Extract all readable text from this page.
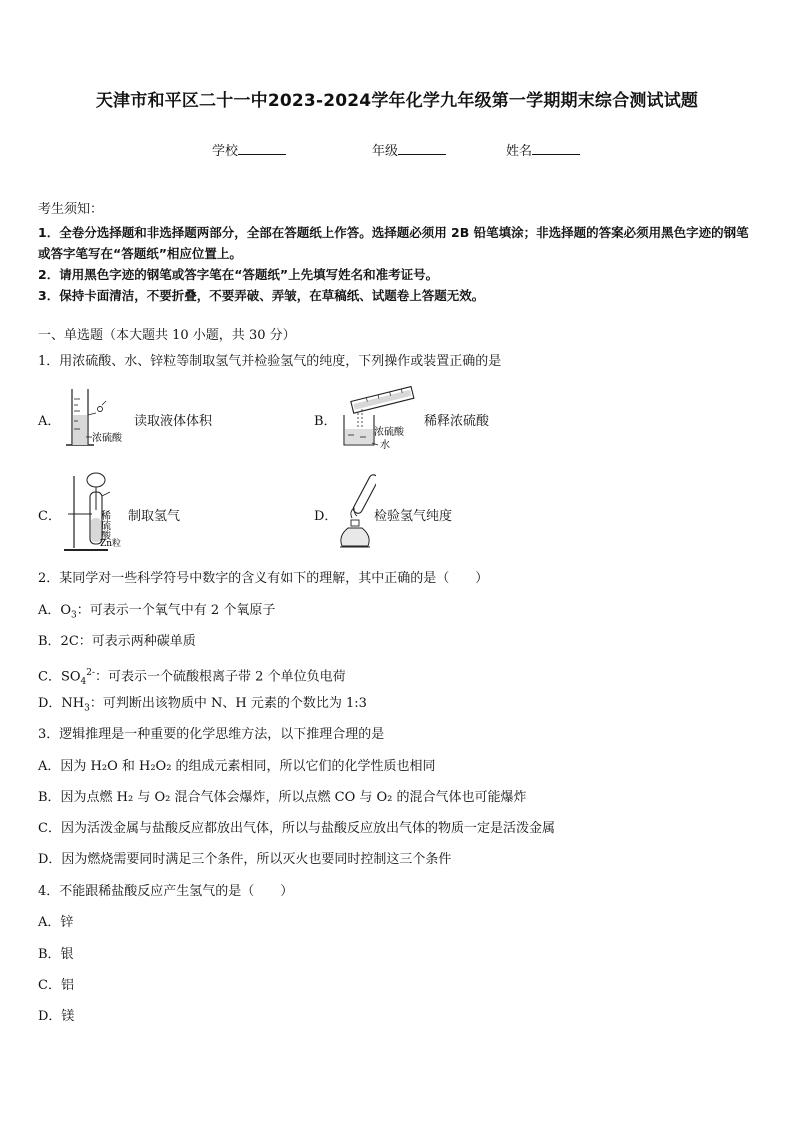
天津市和平区二十一中2023-2024学年化学九年级第一学期期末综合测试试题
学校	年级	姓名
考生须知：
1．全卷分选择题和非选择题两部分，全部在答题纸上作答。选择题必须用 2B 铅笔填涂；非选择题的答案必须用黑色字迹的钢笔或答字笔写在“答题纸”相应位置上。
2．请用黑色字迹的钢笔或答字笔在“答题纸”上先填写姓名和准考证号。
3．保持卡面清洁，不要折叠，不要弄破、弄皱，在草稿纸、试题卷上答题无效。
一、单选题（本大题共 10 小题，共 30 分）
1．用浓硫酸、水、锌粒等制取氢气并检验氢气的纯度，下列操作或装置正确的是
A．
浓硫酸
读取液体体积	B．
浓硫酸
水
稀释浓硫酸
C．	稀硫酸
Zn粒
制取氢气	D．	检验氢气纯度
2．某同学对一些科学符号中数字的含义有如下的理解，其中正确的是（　　）
A．$O_3$：可表示一个氧气中有 2 个氧原子
B．2C：可表示两种碳单质
C．$SO_4^{2-}$：可表示一个硫酸根离子带 2 个单位负电荷
D．$NH_3$：可判断出该物质中 N、H 元素的个数比为 1:3
3．逻辑推理是一种重要的化学思维方法，以下推理合理的是
A．因为 H₂O 和 H₂O₂ 的组成元素相同，所以它们的化学性质也相同
B．因为点燃 H₂ 与 O₂ 混合气体会爆炸，所以点燃 CO 与 O₂ 的混合气体也可能爆炸
C．因为活泼金属与盐酸反应都放出气体，所以与盐酸反应放出气体的物质一定是活泼金属
D．因为燃烧需要同时满足三个条件，所以灭火也要同时控制这三个条件
4．不能跟稀盐酸反应产生氢气的是（　　）
A．锌
B．银
C．铝
D．镁
